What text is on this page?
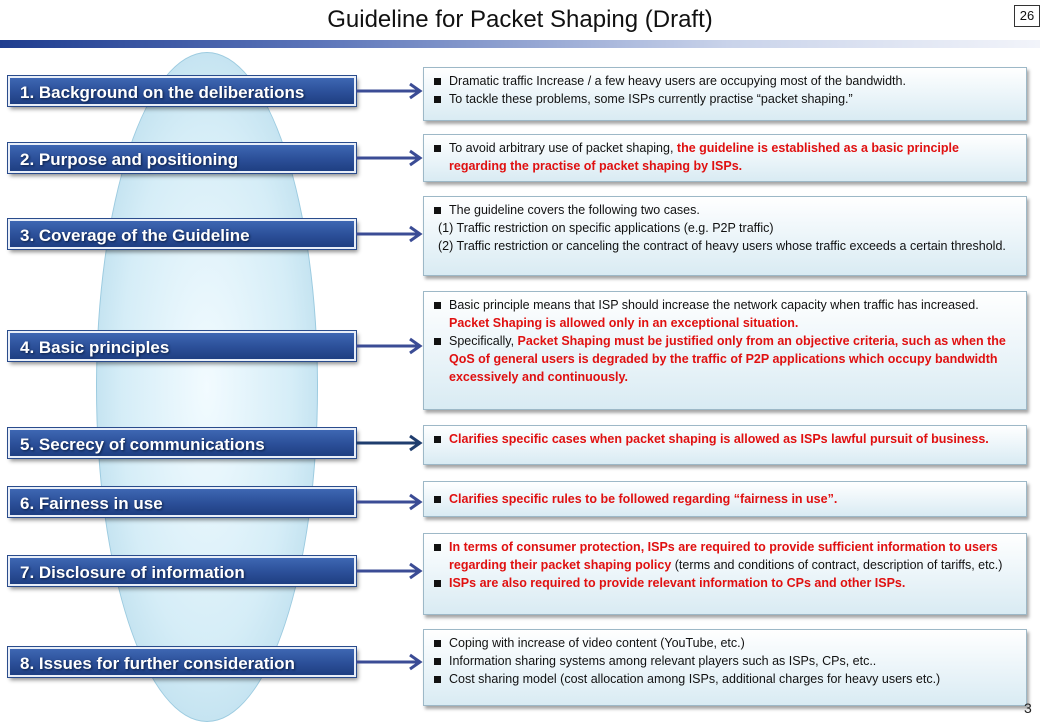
Guideline for Packet Shaping (Draft)	26
1. Background on the deliberations
2. Purpose and positioning
3. Coverage of the Guideline
4. Basic principles
5. Secrecy of communications
6. Fairness in use
7. Disclosure of information
8. Issues for further consideration
Dramatic traffic Increase / a few heavy users are occupying most of the bandwidth.
To tackle these problems, some ISPs currently practise “packet shaping.”
To avoid arbitrary use of packet shaping, the guideline is established as a basic principle regarding the practise of packet shaping by ISPs.
The guideline covers the following two cases.
(1) Traffic restriction on specific applications (e.g. P2P traffic)
(2) Traffic restriction or canceling the contract of heavy users whose traffic exceeds a certain threshold.
Basic principle means that ISP should increase the network capacity when traffic has increased. Packet Shaping is allowed only in an exceptional situation.
Specifically, Packet Shaping must be justified only from an objective criteria, such as when the QoS of general users is degraded by the traffic of P2P applications which occupy bandwidth excessively and continuously.
Clarifies specific cases when packet shaping is allowed as ISPs lawful pursuit of business.
Clarifies specific rules to be followed regarding “fairness in use”.
In terms of consumer protection, ISPs are required to provide sufficient information to users regarding their packet shaping policy (terms and conditions of contract, description of tariffs, etc.)
ISPs are also required to provide relevant information to CPs and other ISPs.
Coping with increase of video content (YouTube, etc.)
Information sharing systems among relevant players such as ISPs, CPs, etc..
Cost sharing model (cost allocation among ISPs, additional charges for heavy users etc.)
3
